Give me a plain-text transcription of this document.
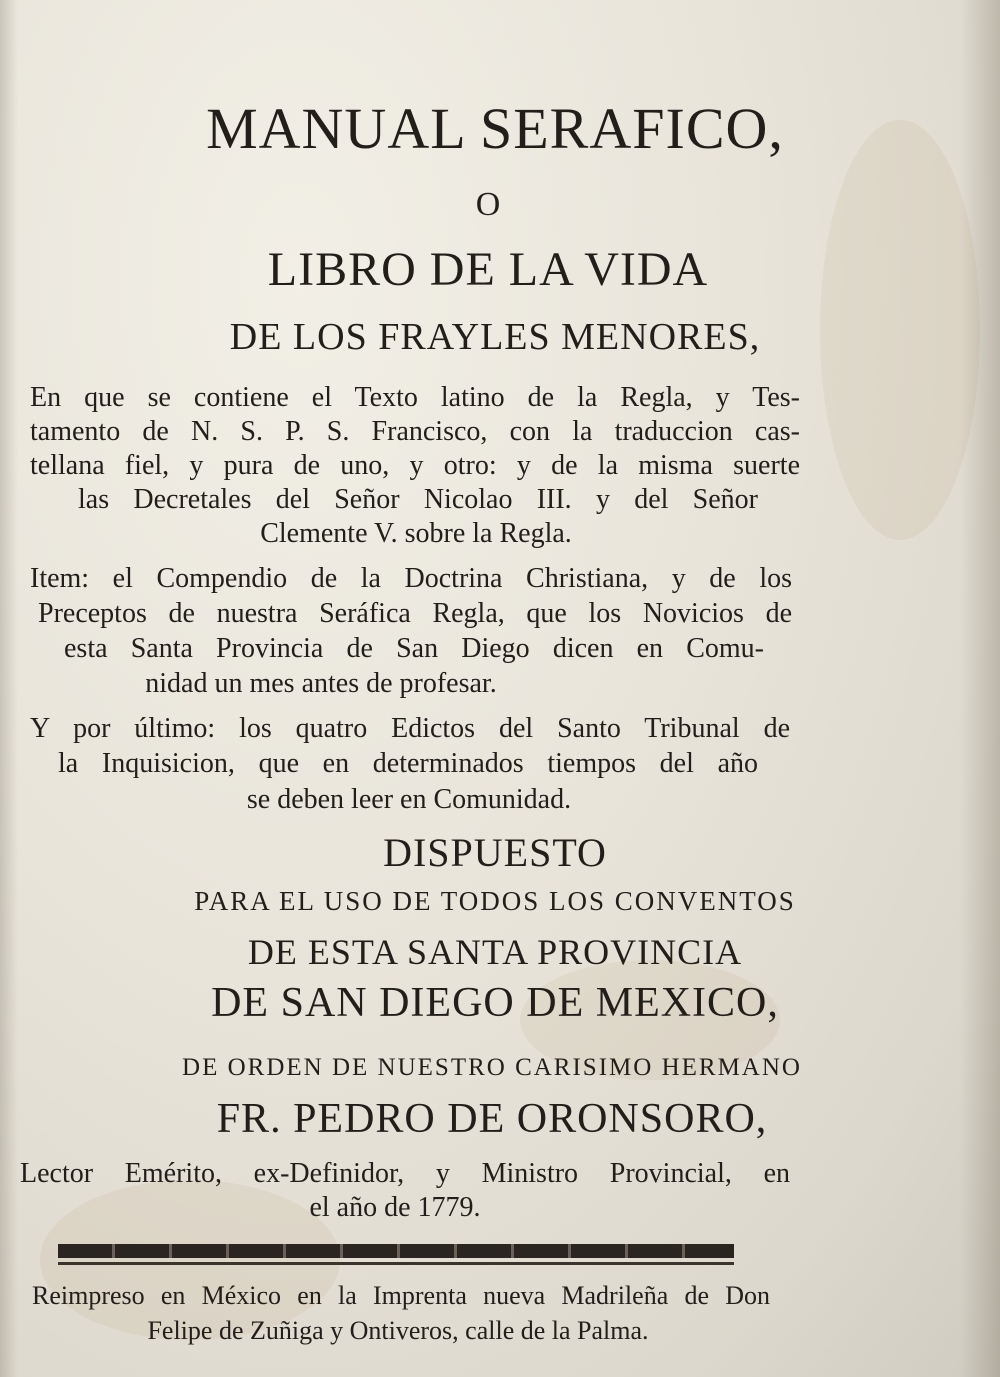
MANUAL SERAFICO,
O
LIBRO DE LA VIDA
DE LOS FRAYLES MENORES,
En que se contiene el Texto latino de la Regla, y Tes-
tamento de N. S. P. S. Francisco, con la traduccion cas-
tellana fiel, y pura de uno, y otro: y de la misma suerte
las Decretales del Señor Nicolao III. y del Señor
Clemente V. sobre la Regla.
Item: el Compendio de la Doctrina Christiana, y de los
Preceptos de nuestra Seráfica Regla, que los Novicios de
esta Santa Provincia de San Diego dicen en Comu-
nidad un mes antes de profesar.
Y por último: los quatro Edictos del Santo Tribunal de
la Inquisicion, que en determinados tiempos del año
se deben leer en Comunidad.
DISPUESTO
PARA EL USO DE TODOS LOS CONVENTOS
DE ESTA SANTA PROVINCIA
DE SAN DIEGO DE MEXICO,
DE ORDEN DE NUESTRO CARISIMO HERMANO
FR. PEDRO DE ORONSORO,
Lector Emérito, ex-Definidor, y Ministro Provincial, en
el año de 1779.
Reimpreso en México en la Imprenta nueva Madrileña de Don
Felipe de Zuñiga y Ontiveros, calle de la Palma.
